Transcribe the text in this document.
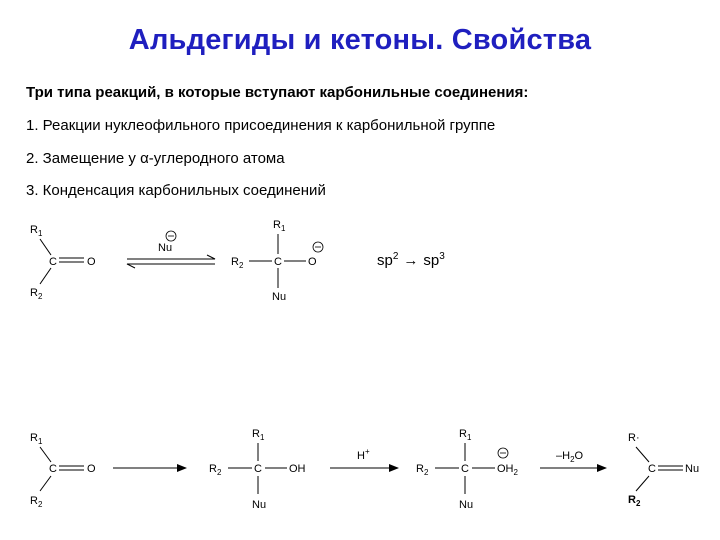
Альдегиды и кетоны. Свойства
Три типа реакций, в которые вступают карбонильные соединения:
1. Реакции нуклеофильного присоединения к карбонильной группе
2. Замещение у α-углеродного атома
3. Конденсация карбонильных соединений
$R_1$
C	O
$R_2$
Nu
$R_1$
$R_2$	C O
Nu
$sp^2 \to sp^3$
$R_1$
C	O
$R_2$
$R_1$
$R_2$	C OH
Nu
H+
$R_1$
$R_2$	C	$OH_2$
Nu
$-H_2O$
R·
C	Nu
$R_2$
